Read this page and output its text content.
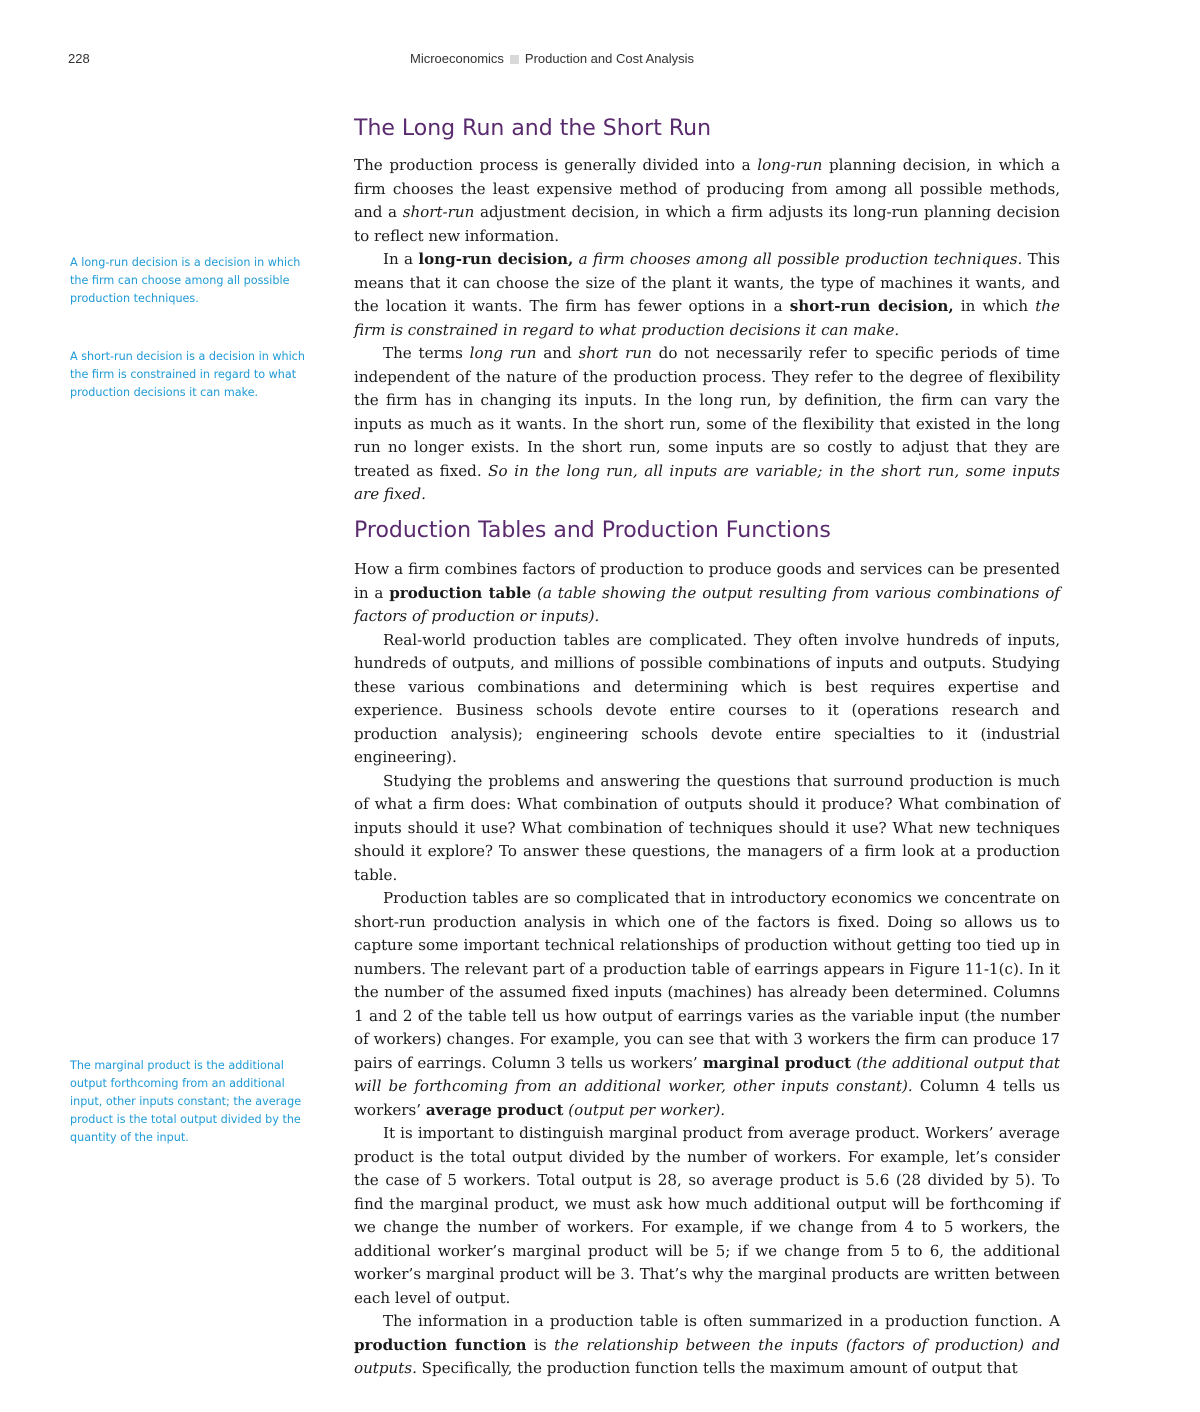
228	Microeconomics Production and Cost Analysis
The Long Run and the Short Run

The production process is generally divided into a long-run planning decision, in which a firm chooses the least expensive method of producing from among all possible methods, and a short-run adjustment decision, in which a firm adjusts its long-run planning decision to reflect new information.

In a long-run decision, a firm chooses among all possible production techniques. This means that it can choose the size of the plant it wants, the type of machines it wants, and the location it wants. The firm has fewer options in a short-run decision, in which the firm is constrained in regard to what production decisions it can make.

The terms long run and short run do not necessarily refer to specific periods of time independent of the nature of the production process. They refer to the degree of flexibility the firm has in changing its inputs. In the long run, by definition, the firm can vary the inputs as much as it wants. In the short run, some of the flexibility that existed in the long run no longer exists. In the short run, some inputs are so costly to adjust that they are treated as fixed. So in the long run, all inputs are variable; in the short run, some inputs are fixed.

Production Tables and Production Functions

How a firm combines factors of production to produce goods and services can be presented in a production table (a table showing the output resulting from various combinations of factors of production or inputs).

Real-world production tables are complicated. They often involve hundreds of inputs, hundreds of outputs, and millions of possible combinations of inputs and outputs. Studying these various combinations and determining which is best requires expertise and experience. Business schools devote entire courses to it (operations research and production analysis); engineering schools devote entire specialties to it (industrial engineering).

Studying the problems and answering the questions that surround production is much of what a firm does: What combination of outputs should it produce? What combination of inputs should it use? What combination of techniques should it use? What new techniques should it explore? To answer these questions, the managers of a firm look at a production table.

Production tables are so complicated that in introductory economics we concentrate on short-run production analysis in which one of the factors is fixed. Doing so allows us to capture some important technical relationships of production without getting too tied up in numbers. The relevant part of a production table of earrings appears in Figure 11-1(c). In it the number of the assumed fixed inputs (machines) has already been determined. Columns 1 and 2 of the table tell us how output of earrings varies as the variable input (the number of workers) changes. For example, you can see that with 3 workers the firm can produce 17 pairs of earrings. Column 3 tells us workers’ marginal product (the additional output that will be forthcoming from an additional worker, other inputs constant). Column 4 tells us workers’ average product (output per worker).

It is important to distinguish marginal product from average product. Workers’ average product is the total output divided by the number of workers. For example, let’s consider the case of 5 workers. Total output is 28, so average product is 5.6 (28 divided by 5). To find the marginal product, we must ask how much additional output will be forthcoming if we change the number of workers. For example, if we change from 4 to 5 workers, the additional worker’s marginal product will be 5; if we change from 5 to 6, the additional worker’s marginal product will be 3. That’s why the marginal products are written between each level of output.

The information in a production table is often summarized in a production function. A production function is the relationship between the inputs (factors of production) and outputs. Specifically, the production function tells the maximum amount of output that

A long-run decision is a decision in which the firm can choose among all possible production techniques.

A short-run decision is a decision in which the firm is constrained in regard to what production decisions it can make.

The marginal product is the additional output forthcoming from an additional input, other inputs constant; the average product is the total output divided by the quantity of the input.
